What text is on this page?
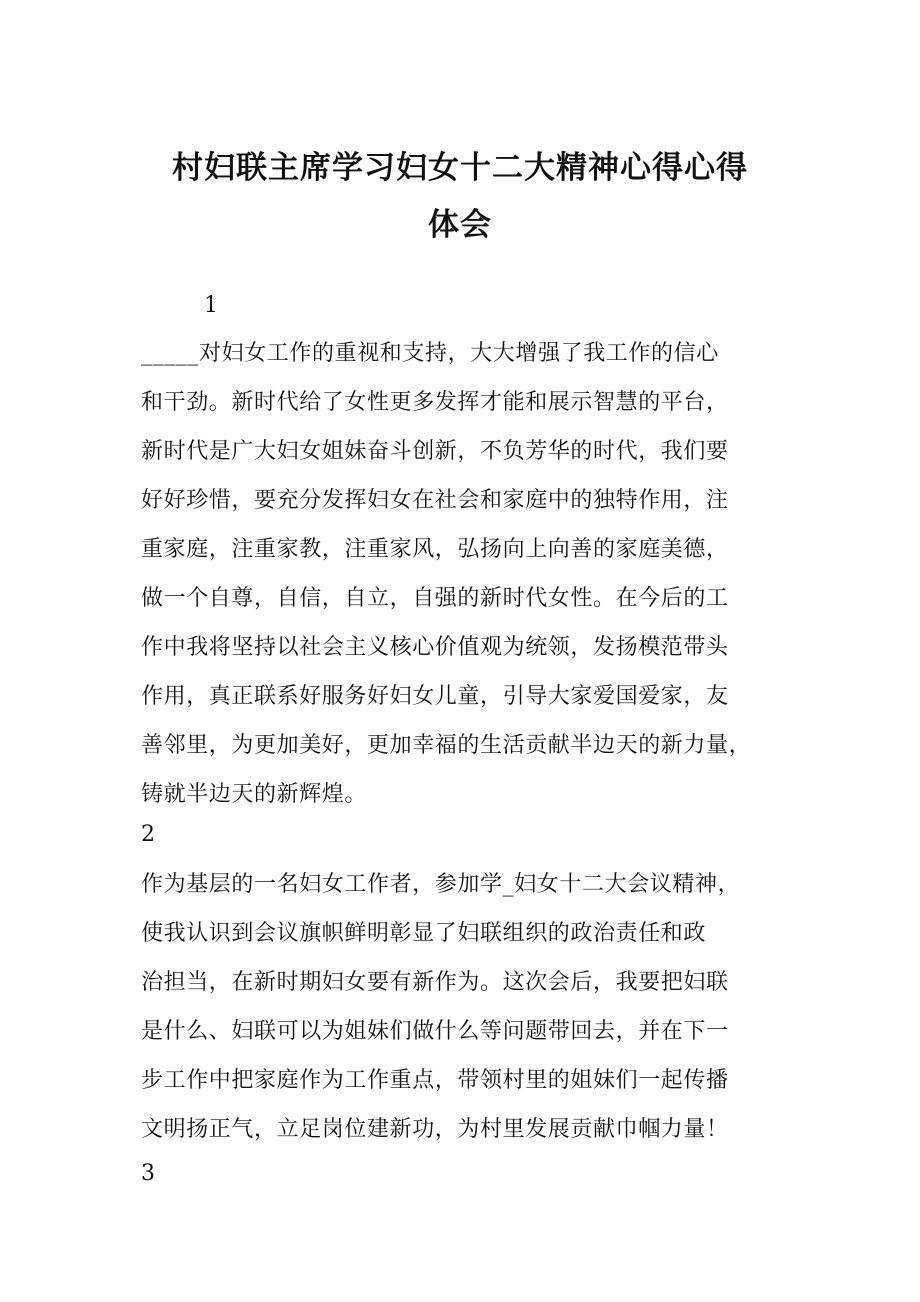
村妇联主席学习妇女十二大精神心得心得
体会
1
_____对妇女工作的重视和支持，大大增强了我工作的信心
和干劲。新时代给了女性更多发挥才能和展示智慧的平台，
新时代是广大妇女姐妹奋斗创新，不负芳华的时代，我们要
好好珍惜，要充分发挥妇女在社会和家庭中的独特作用，注
重家庭，注重家教，注重家风，弘扬向上向善的家庭美德，
做一个自尊，自信，自立，自强的新时代女性。在今后的工
作中我将坚持以社会主义核心价值观为统领，发扬模范带头
作用，真正联系好服务好妇女儿童，引导大家爱国爱家，友
善邻里，为更加美好，更加幸福的生活贡献半边天的新力量，
铸就半边天的新辉煌。
2
作为基层的一名妇女工作者，参加学_妇女十二大会议精神，
使我认识到会议旗帜鲜明彰显了妇联组织的政治责任和政
治担当，在新时期妇女要有新作为。这次会后，我要把妇联
是什么、妇联可以为姐妹们做什么等问题带回去，并在下一
步工作中把家庭作为工作重点，带领村里的姐妹们一起传播
文明扬正气，立足岗位建新功，为村里发展贡献巾帼力量！
3
